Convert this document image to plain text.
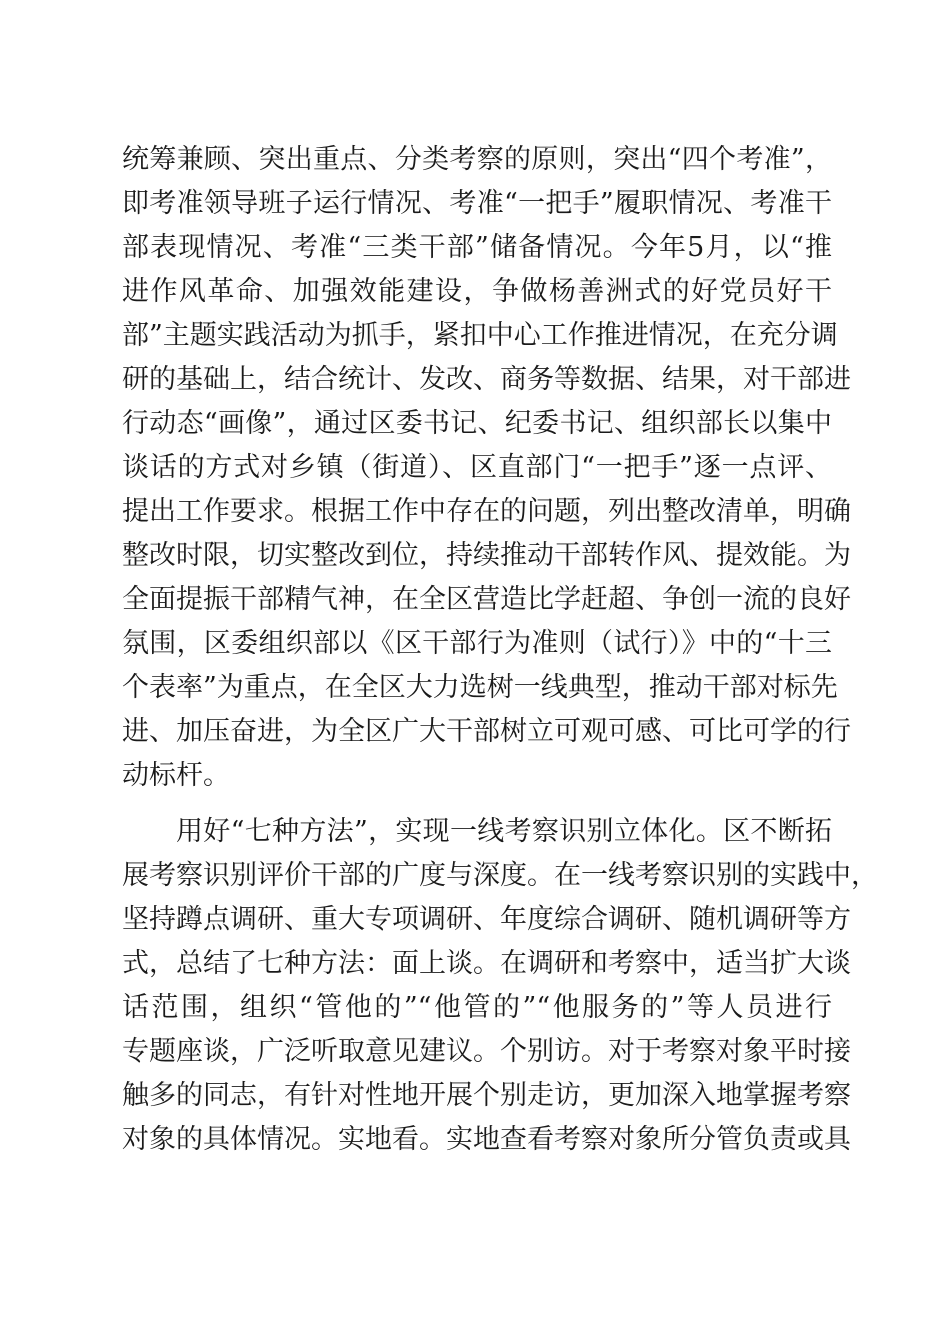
统筹兼顾、突出重点、分类考察的原则，突出“四个考准”，
即考准领导班子运行情况、考准“一把手”履职情况、考准干
部表现情况、考准“三类干部”储备情况。今年5月，以“推
进作风革命、加强效能建设，争做杨善洲式的好党员好干
部”主题实践活动为抓手，紧扣中心工作推进情况，在充分调
研的基础上，结合统计、发改、商务等数据、结果，对干部进
行动态“画像”，通过区委书记、纪委书记、组织部长以集中
谈话的方式对乡镇（街道）、区直部门“一把手”逐一点评、
提出工作要求。根据工作中存在的问题，列出整改清单，明确
整改时限，切实整改到位，持续推动干部转作风、提效能。为
全面提振干部精气神，在全区营造比学赶超、争创一流的良好
氛围，区委组织部以《区干部行为准则（试行）》中的“十三
个表率”为重点，在全区大力选树一线典型，推动干部对标先
进、加压奋进，为全区广大干部树立可观可感、可比可学的行
动标杆。
用好“七种方法”，实现一线考察识别立体化。区不断拓
展考察识别评价干部的广度与深度。在一线考察识别的实践中，
坚持蹲点调研、重大专项调研、年度综合调研、随机调研等方
式，总结了七种方法：面上谈。在调研和考察中，适当扩大谈
话范围，组织“管他的”“他管的”“他服务的”等人员进行
专题座谈，广泛听取意见建议。个别访。对于考察对象平时接
触多的同志，有针对性地开展个别走访，更加深入地掌握考察
对象的具体情况。实地看。实地查看考察对象所分管负责或具
